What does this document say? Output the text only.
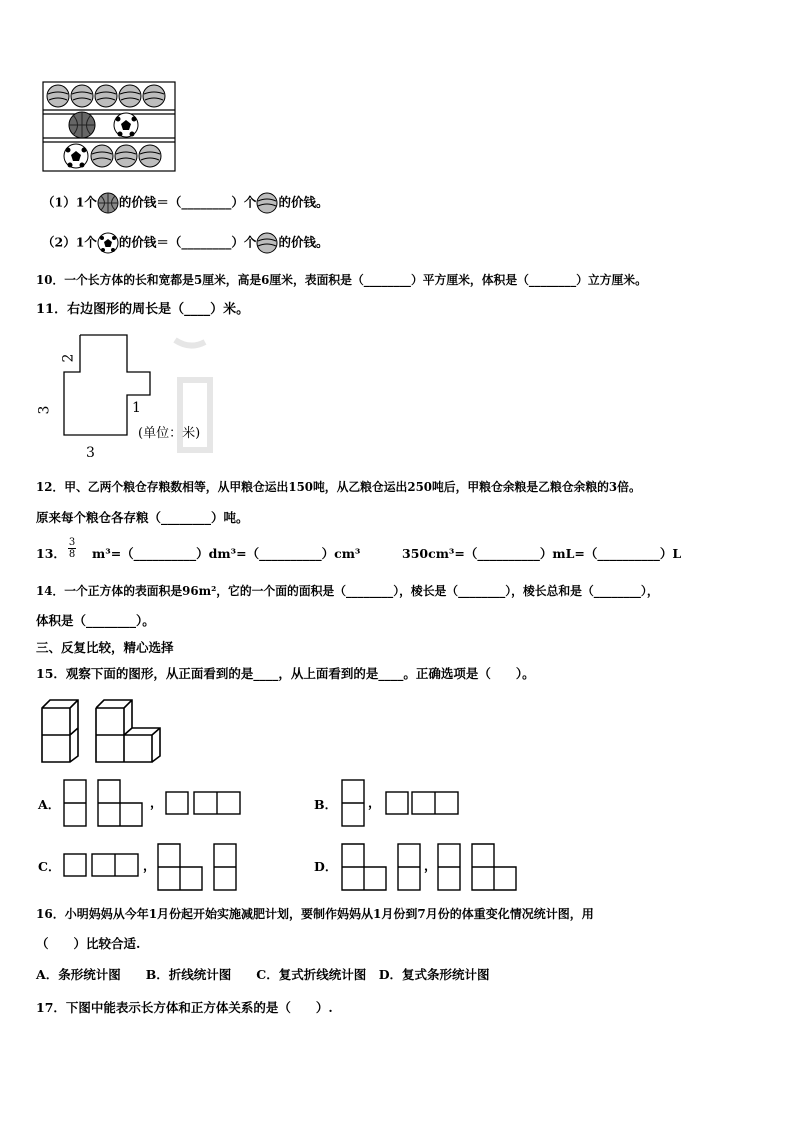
（1）1个 的价钱＝（________）个 的价钱。
（2）1个 的价钱＝（________）个 的价钱。
10．一个长方体的长和宽都是5厘米，高是6厘米，表面积是（________）平方厘米，体积是（________）立方厘米。
11．右边图形的周长是（____）米。
2
3	1
3
(单位：米)
12．甲、乙两个粮仓存粮数相等，从甲粮仓运出150吨，从乙粮仓运出250吨后，甲粮仓余粮是乙粮仓余粮的3倍。
原来每个粮仓各存粮（________）吨。
13． $\frac{3}{8}$ m³=（__________）dm³=（__________）cm³	350cm³=（__________）mL=（__________）L
14．一个正方体的表面积是96m²，它的一个面的面积是（________），棱长是（________），棱长总和是（________），
体积是（________）。
三、反复比较，精心选择
15．观察下面的图形，从正面看到的是____，从上面看到的是____。正确选项是（　　）。
A．	，	B． ，
C．	，	D．	，
16．小明妈妈从今年1月份起开始实施减肥计划，要制作妈妈从1月份到7月份的体重变化情况统计图，用
（　　）比较合适.
A．条形统计图　　B．折线统计图　　C．复式折线统计图　D．复式条形统计图
17．下图中能表示长方体和正方体关系的是（　　）.
